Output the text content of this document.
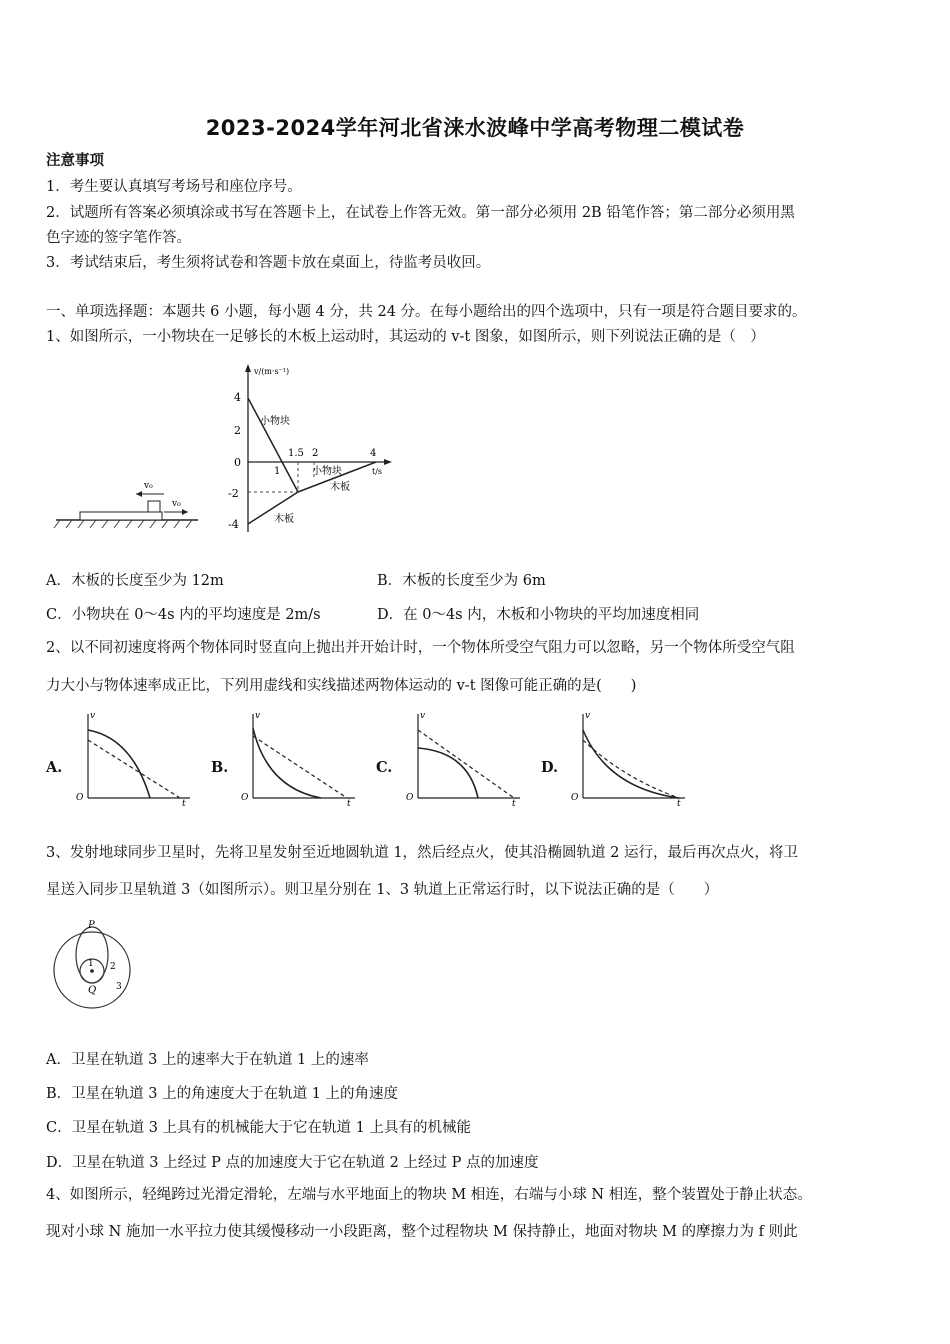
2023-2024学年河北省涞水波峰中学高考物理二模试卷
注意事项
1．考生要认真填写考场号和座位序号。
2．试题所有答案必须填涂或书写在答题卡上，在试卷上作答无效。第一部分必须用 2B 铅笔作答；第二部分必须用黑
色字迹的签字笔作答。
3．考试结束后，考生须将试卷和答题卡放在桌面上，待监考员收回。
一、单项选择题：本题共 6 小题，每小题 4 分，共 24 分。在每小题给出的四个选项中，只有一项是符合题目要求的。
1、如图所示，一小物块在一足够长的木板上运动时，其运动的 v-t 图象，如图所示，则下列说法正确的是（　）
v₀
v₀
v/(m·s⁻¹)
t/s
4
2
0
-2
-4
1
1.5 2	4
小物块
小物块
木板
木板
A．木板的长度至少为 12m	B．木板的长度至少为 6m
C．小物块在 0～4s 内的平均速度是 2m/s	D．在 0～4s 内，木板和小物块的平均加速度相同
2、以不同初速度将两个物体同时竖直向上抛出并开始计时，一个物体所受空气阻力可以忽略，另一个物体所受空气阻
力大小与物体速率成正比，下列用虚线和实线描述两物体运动的 v-t 图像可能正确的是(　　)
A.
v
t
O
B.
v
t
O
C.
v
t
O
D.
v
t
O
3、发射地球同步卫星时，先将卫星发射至近地圆轨道 1，然后经点火，使其沿椭圆轨道 2 运行，最后再次点火，将卫
星送入同步卫星轨道 3（如图所示）。则卫星分别在 1、3 轨道上正常运行时，以下说法正确的是（　　）
P
Q
1 2
3
A．卫星在轨道 3 上的速率大于在轨道 1 上的速率
B．卫星在轨道 3 上的角速度大于在轨道 1 上的角速度
C．卫星在轨道 3 上具有的机械能大于它在轨道 1 上具有的机械能
D．卫星在轨道 3 上经过 P 点的加速度大于它在轨道 2 上经过 P 点的加速度
4、如图所示，轻绳跨过光滑定滑轮，左端与水平地面上的物块 M 相连，右端与小球 N 相连，整个装置处于静止状态。
现对小球 N 施加一水平拉力使其缓慢移动一小段距离，整个过程物块 M 保持静止，地面对物块 M 的摩擦力为 f 则此
